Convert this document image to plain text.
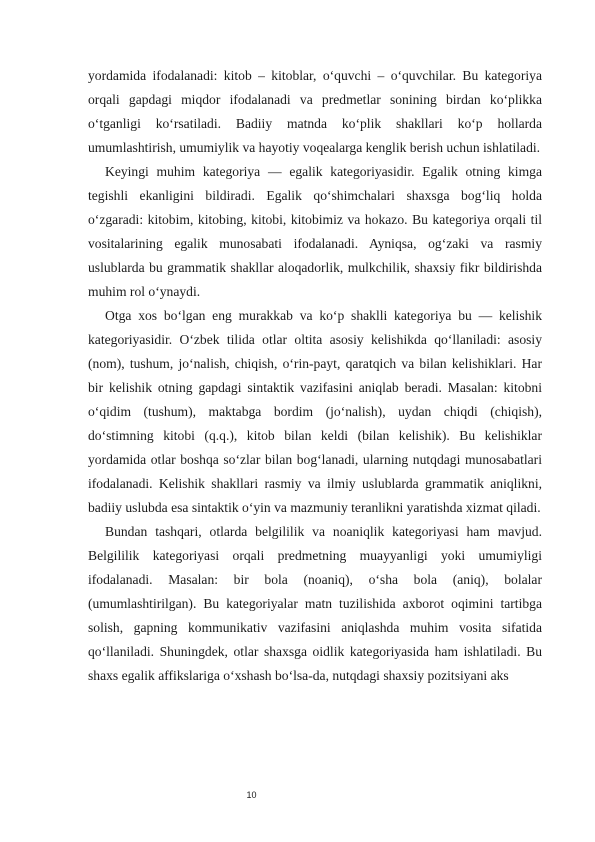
yordamida ifodalanadi: kitob – kitoblar, o‘quvchi – o‘quvchilar. Bu kategoriya orqali gapdagi miqdor ifodalanadi va predmetlar sonining birdan ko‘plikka o‘tganligi ko‘rsatiladi. Badiiy matnda ko‘plik shakllari ko‘p hollarda umumlashtirish, umumiylik va hayotiy voqealarga kenglik berish uchun ishlatiladi.

Keyingi muhim kategoriya — egalik kategoriyasidir. Egalik otning kimga tegishli ekanligini bildiradi. Egalik qo‘shimchalari shaxsga bog‘liq holda o‘zgaradi: kitobim, kitobing, kitobi, kitobimiz va hokazo. Bu kategoriya orqali til vositalarining egalik munosabati ifodalanadi. Ayniqsa, og‘zaki va rasmiy uslublarda bu grammatik shakllar aloqadorlik, mulkchilik, shaxsiy fikr bildirishda muhim rol o‘ynaydi.

Otga xos bo‘lgan eng murakkab va ko‘p shaklli kategoriya bu — kelishik kategoriyasidir. O‘zbek tilida otlar oltita asosiy kelishikda qo‘llaniladi: asosiy (nom), tushum, jo‘nalish, chiqish, o‘rin-payt, qaratqich va bilan kelishiklari. Har bir kelishik otning gapdagi sintaktik vazifasini aniqlab beradi. Masalan: kitobni o‘qidim (tushum), maktabga bordim (jo‘nalish), uydan chiqdi (chiqish), do‘stimning kitobi (q.q.), kitob bilan keldi (bilan kelishik). Bu kelishiklar yordamida otlar boshqa so‘zlar bilan bog‘lanadi, ularning nutqdagi munosabatlari ifodalanadi. Kelishik shakllari rasmiy va ilmiy uslublarda grammatik aniqlikni, badiiy uslubda esa sintaktik o‘yin va mazmuniy teranlikni yaratishda xizmat qiladi.

Bundan tashqari, otlarda belgililik va noaniqlik kategoriyasi ham mavjud. Belgililik kategoriyasi orqali predmetning muayyanligi yoki umumiyligi ifodalanadi. Masalan: bir bola (noaniq), o‘sha bola (aniq), bolalar (umumlashtirilgan). Bu kategoriyalar matn tuzilishida axborot oqimini tartibga solish, gapning kommunikativ vazifasini aniqlashda muhim vosita sifatida qo‘llaniladi. Shuningdek, otlar shaxsga oidlik kategoriyasida ham ishlatiladi. Bu shaxs egalik affikslariga o‘xshash bo‘lsa-da, nutqdagi shaxsiy pozitsiyani aks

10
